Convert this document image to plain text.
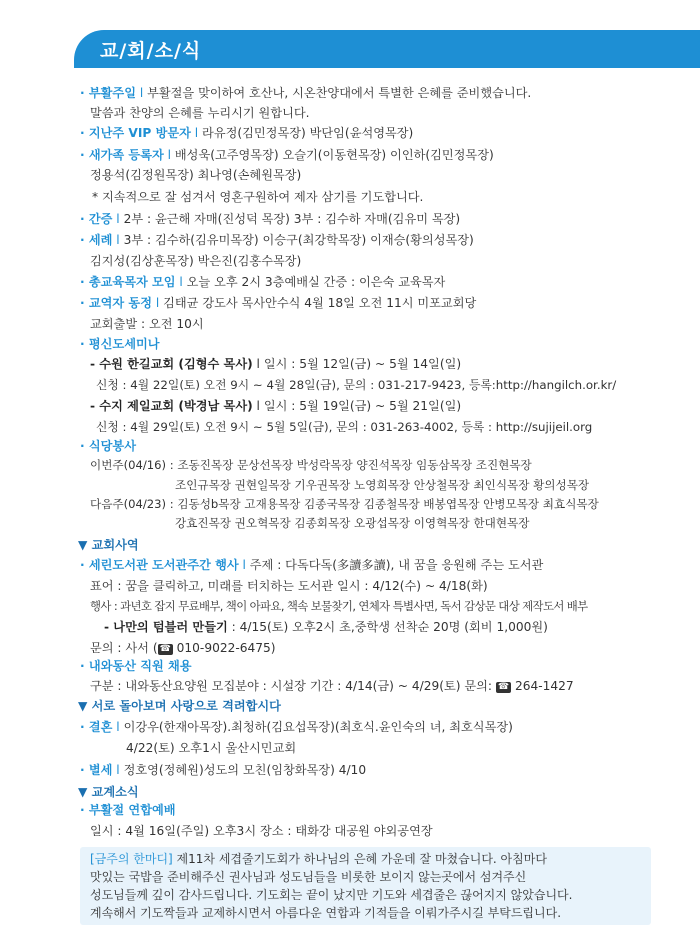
교/회/소/식
· 부활주일 l 부활절을 맞이하여 호산나, 시온찬양대에서 특별한 은혜를 준비했습니다.
말씀과 찬양의 은혜를 누리시기 원합니다.
· 지난주 VIP 방문자 l 라유정(김민정목장) 박단임(윤석영목장)
· 새가족 등록자 l 배성욱(고주영목장) 오슬기(이동현목장) 이인하(김민정목장)
정용석(김정원목장) 최나영(손혜원목장)
* 지속적으로 잘 섬겨서 영혼구원하여 제자 삼기를 기도합니다.
· 간증 l 2부 : 윤근해 자매(진성덕 목장) 3부 : 김수하 자매(김유미 목장)
· 세례 l 3부 : 김수하(김유미목장) 이승구(최강학목장) 이재승(황의성목장)
김지성(김상훈목장) 박은진(김홍수목장)
· 총교육목자 모임 l 오늘 오후 2시 3층예배실 간증 : 이은숙 교육목자
· 교역자 동정 l 김태균 강도사 목사안수식 4월 18일 오전 11시 미포교회당
교회출발 : 오전 10시
· 평신도세미나
- 수원 한길교회 (김형수 목사) l 일시 : 5월 12일(금) ~ 5월 14일(일)
신청 : 4월 22일(토) 오전 9시 ~ 4월 28일(금), 문의 : 031-217-9423, 등록:http://hangilch.or.kr/
- 수지 제일교회 (박경남 목사) l 일시 : 5월 19일(금) ~ 5월 21일(일)
신청 : 4월 29일(토) 오전 9시 ~ 5월 5일(금), 문의 : 031-263-4002, 등록 : http://sujijeil.org
· 식당봉사
이번주(04/16) : 조동진목장 문상선목장 박성락목장 양진석목장 임동삼목장 조진현목장
조인규목장 권현일목장 기우권목장 노영희목장 안상철목장 최인식목장 황의성목장
다음주(04/23) : 김동성b목장 고재용목장 김종국목장 김종철목장 배봉엽목장 안병모목장 최효식목장
강효진목장 권오혁목장 김종회목장 오광섭목장 이영혁목장 한대현목장
▼ 교회사역
· 세린도서관 도서관주간 행사 l 주제 : 다독다독(多讀多讀), 내 꿈을 응원해 주는 도서관
표어 : 꿈을 클릭하고, 미래를 터치하는 도서관 일시 : 4/12(수) ~ 4/18(화)
행사 : 과년호 잡지 무료배부, 책이 아파요, 책속 보물찾기, 연체자 특별사면, 독서 감상문 대상 제작도서 배부
- 나만의 텀블러 만들기 : 4/15(토) 오후2시 초,중학생 선착순 20명 (회비 1,000원)
문의 : 사서 ( ☎ 010-9022-6475)
· 내와동산 직원 채용
구분 : 내와동산요양원 모집분야 : 시설장 기간 : 4/14(금) ~ 4/29(토) 문의: ☎ 264-1427
▼ 서로 돌아보며 사랑으로 격려합시다
· 결혼 l 이강우(한재아목장).최청하(김요섭목장)(최호식.윤인숙의 녀, 최호식목장)
4/22(토) 오후1시 울산시민교회
· 별세 l 정호영(정혜원)성도의 모친(임창화목장) 4/10
▼ 교계소식
· 부활절 연합예배
일시 : 4월 16일(주일) 오후3시 장소 : 태화강 대공원 야외공연장
[금주의 한마디] 제11차 세겹줄기도회가 하나님의 은혜 가운데 잘 마쳤습니다. 아침마다
맛있는 국밥을 준비해주신 권사님과 성도님들을 비롯한 보이지 않는곳에서 섬겨주신
성도님들께 깊이 감사드립니다. 기도회는 끝이 났지만 기도와 세겹줄은 끊어지지 않았습니다.
계속해서 기도짝들과 교제하시면서 아름다운 연합과 기적들을 이뤄가주시길 부탁드립니다.
